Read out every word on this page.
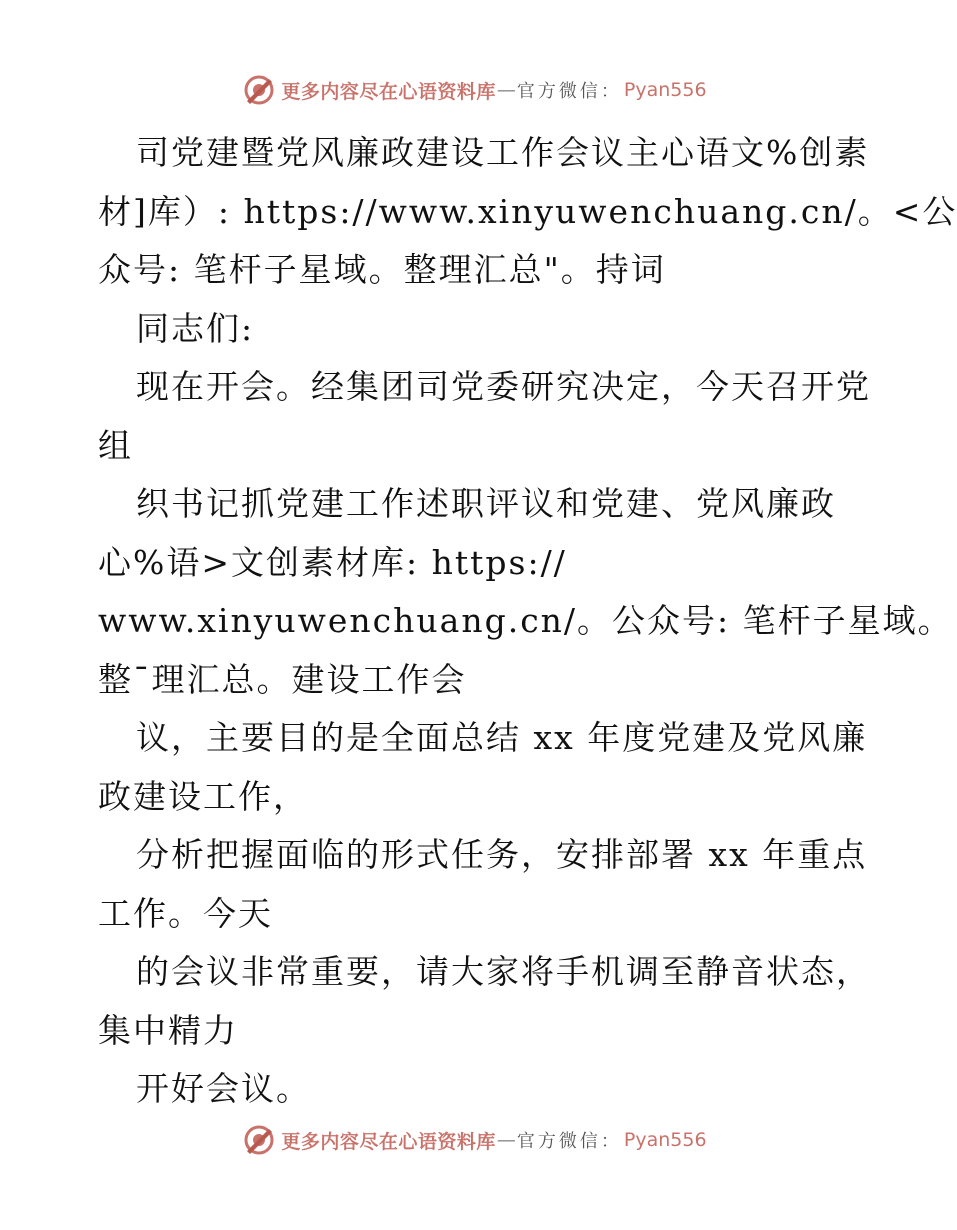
更多内容尽在心语资料库 — 官方微信： Pyan556
司党建暨党风廉政建设工作会议主心语文%创素
材]库）: https://www.xinyuwenchuang.cn/。<公
众号: 笔杆子星域。整理汇总"。持词
同志们:
现在开会。经集团司党委研究决定，今天召开党
组
织书记抓党建工作述职评议和党建、党风廉政
心%语>文创素材库: https://
www.xinyuwenchuang.cn/。公众号: 笔杆子星域。
整¯理汇总。建设工作会
议，主要目的是全面总结 xx 年度党建及党风廉
政建设工作，
分析把握面临的形式任务，安排部署 xx 年重点
工作。今天
的会议非常重要，请大家将手机调至静音状态，
集中精力
开好会议。
更多内容尽在心语资料库 — 官方微信： Pyan556
